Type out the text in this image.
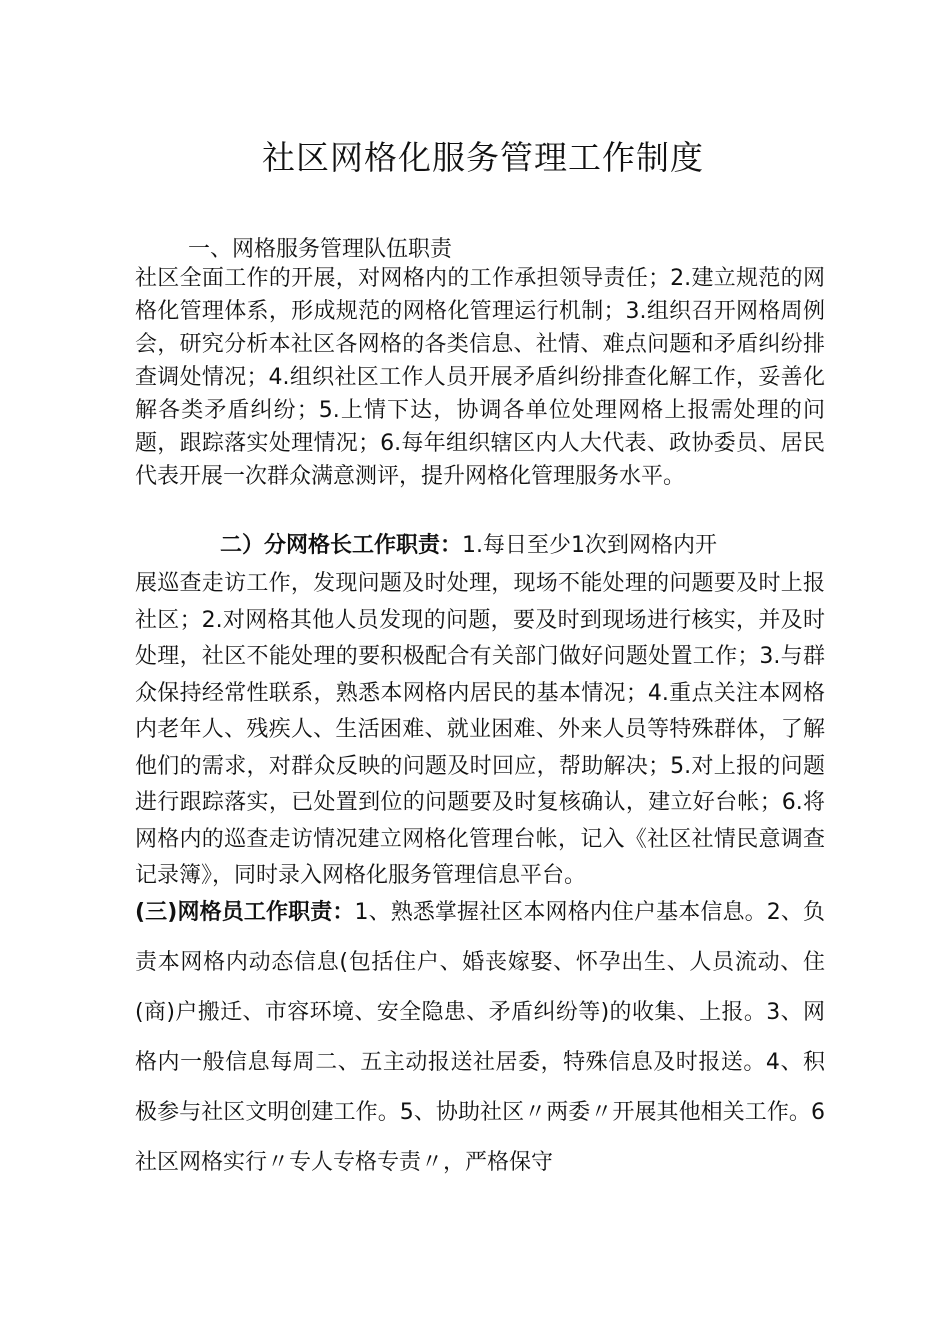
社区网格化服务管理工作制度

一、网格服务管理队伍职责

社区全面工作的开展，对网格内的工作承担领导责任；2.建立规范的网格化管理体系，形成规范的网格化管理运行机制；3.组织召开网格周例会，研究分析本社区各网格的各类信息、社情、难点问题和矛盾纠纷排查调处情况；4.组织社区工作人员开展矛盾纠纷排查化解工作，妥善化解各类矛盾纠纷；5.上情下达，协调各单位处理网格上报需处理的问题，跟踪落实处理情况；6.每年组织辖区内人大代表、政协委员、居民代表开展一次群众满意测评，提升网格化管理服务水平。

二）分网格长工作职责：1.每日至少1次到网格内开

展巡查走访工作，发现问题及时处理，现场不能处理的问题要及时上报社区；2.对网格其他人员发现的问题，要及时到现场进行核实，并及时处理，社区不能处理的要积极配合有关部门做好问题处置工作；3.与群众保持经常性联系，熟悉本网格内居民的基本情况；4.重点关注本网格内老年人、残疾人、生活困难、就业困难、外来人员等特殊群体，了解他们的需求，对群众反映的问题及时回应，帮助解决；5.对上报的问题进行跟踪落实，已处置到位的问题要及时复核确认，建立好台帐；6.将网格内的巡查走访情况建立网格化管理台帐，记入《社区社情民意调查记录簿》，同时录入网格化服务管理信息平台。

(三)网格员工作职责：1、熟悉掌握社区本网格内住户基本信息。2、负责本网格内动态信息(包括住户、婚丧嫁娶、怀孕出生、人员流动、住(商)户搬迁、市容环境、安全隐患、矛盾纠纷等)的收集、上报。3、网格内一般信息每周二、五主动报送社居委，特殊信息及时报送。4、积极参与社区文明创建工作。5、协助社区〃两委〃开展其他相关工作。6社区网格实行〃专人专格专责〃，严格保守
